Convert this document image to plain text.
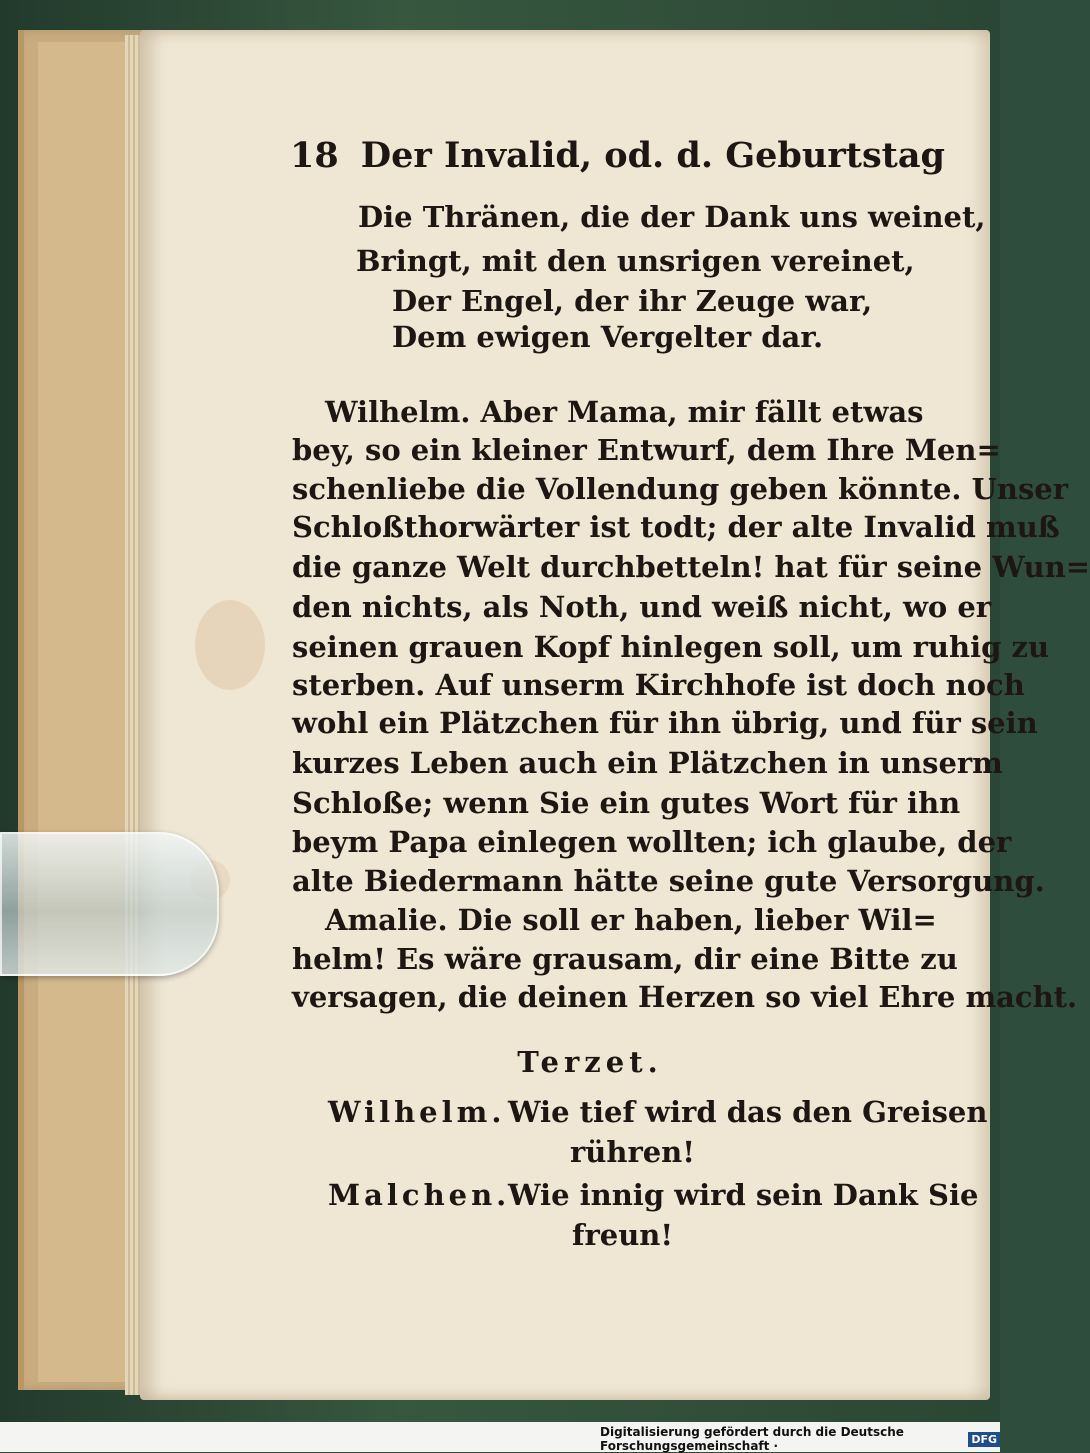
18 Der Invalid, od. d. Geburtstag
Die Thränen, die der Dank uns weinet,
Bringt, mit den unsrigen vereinet,
Der Engel, der ihr Zeuge war,
Dem ewigen Vergelter dar.
Wilhelm. Aber Mama, mir fällt etwas
bey, so ein kleiner Entwurf, dem Ihre Men=
schenliebe die Vollendung geben könnte. Unser
Schloßthorwärter ist todt; der alte Invalid muß
die ganze Welt durchbetteln! hat für seine Wun=
den nichts, als Noth, und weiß nicht, wo er
seinen grauen Kopf hinlegen soll, um ruhig zu
sterben. Auf unserm Kirchhofe ist doch noch
wohl ein Plätzchen für ihn übrig, und für sein
kurzes Leben auch ein Plätzchen in unserm
Schloße; wenn Sie ein gutes Wort für ihn
beym Papa einlegen wollten; ich glaube, der
alte Biedermann hätte seine gute Versorgung.
Amalie. Die soll er haben, lieber Wil=
helm! Es wäre grausam, dir eine Bitte zu
versagen, die deinen Herzen so viel Ehre macht.
Terzet.
Wilhelm. Wie tief wird das den Greisen
rühren!
Malchen.
Wie innig wird sein Dank Sie
freun!
Digitalisierung gefördert durch die Deutsche Forschungsgemeinschaft ·	DFG
